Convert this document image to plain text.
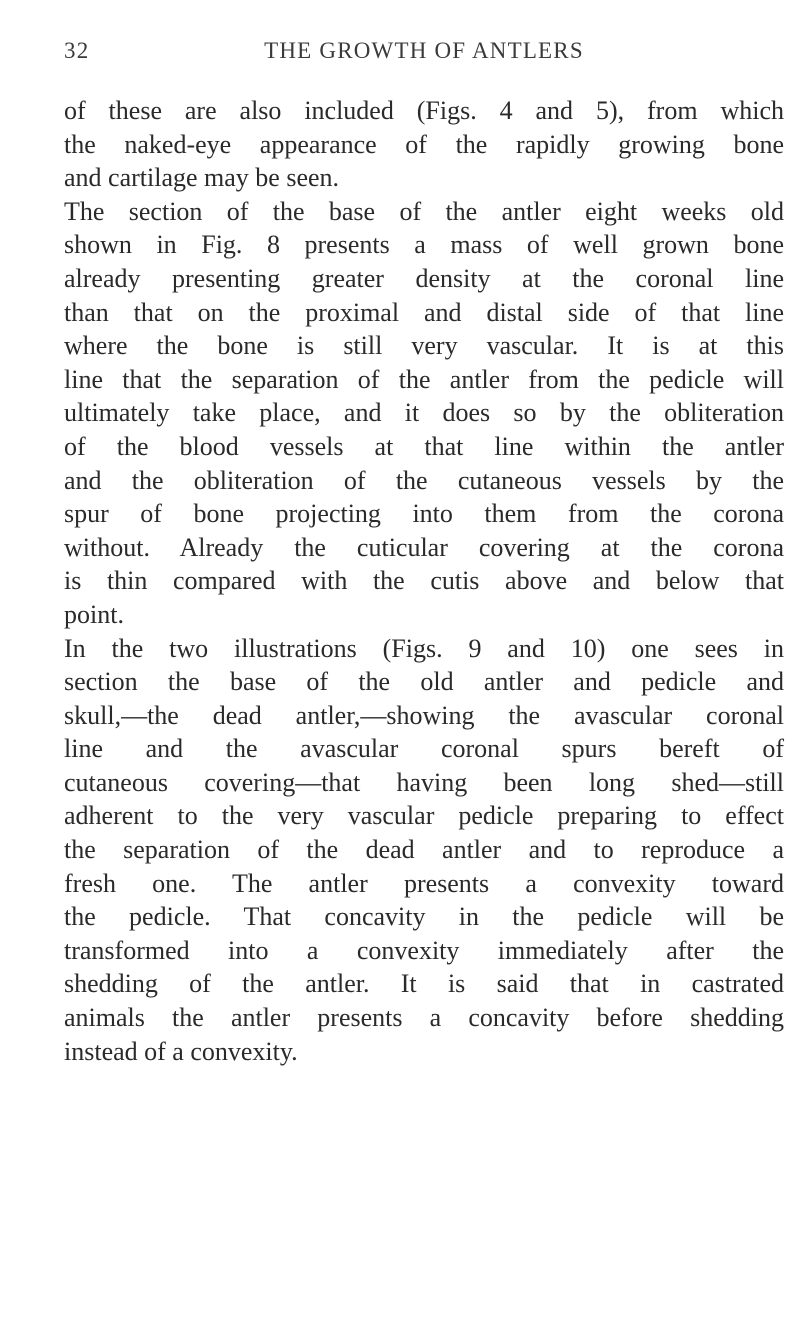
32	THE GROWTH OF ANTLERS

of these are also included (Figs. 4 and 5), from which
the naked-eye appearance of the rapidly growing bone
and cartilage may be seen.

The section of the base of the antler eight weeks old
shown in Fig. 8 presents a mass of well grown bone
already presenting greater density at the coronal line
than that on the proximal and distal side of that line
where the bone is still very vascular. It is at this
line that the separation of the antler from the pedicle will
ultimately take place, and it does so by the obliteration
of the blood vessels at that line within the antler
and the obliteration of the cutaneous vessels by the
spur of bone projecting into them from the corona
without. Already the cuticular covering at the corona
is thin compared with the cutis above and below that
point.

In the two illustrations (Figs. 9 and 10) one sees in
section the base of the old antler and pedicle and
skull,—the dead antler,—showing the avascular coronal
line and the avascular coronal spurs bereft of
cutaneous covering—that having been long shed—still
adherent to the very vascular pedicle preparing to effect
the separation of the dead antler and to reproduce a
fresh one. The antler presents a convexity toward
the pedicle. That concavity in the pedicle will be
transformed into a convexity immediately after the
shedding of the antler. It is said that in castrated
animals the antler presents a concavity before shedding
instead of a convexity.
